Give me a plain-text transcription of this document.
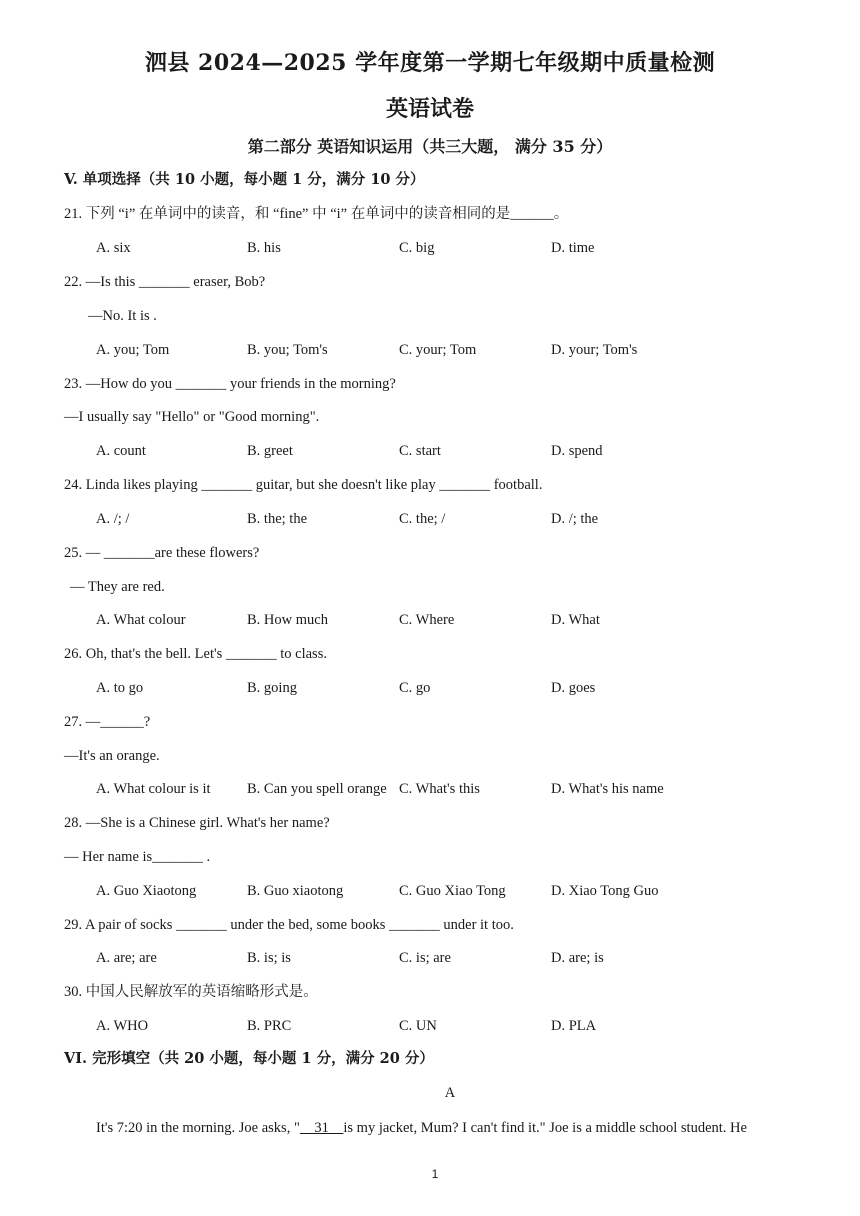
泗县 2024—2025 学年度第一学期七年级期中质量检测
英语试卷
第二部分 英语知识运用（共三大题， 满分 35 分）
V. 单项选择（共 10 小题，每小题 1 分，满分 10 分）
21. 下列 “i” 在单词中的读音，和 “fine” 中 “i” 在单词中的读音相同的是______。
A. six	B. his	C. big	D. time
22. —Is this _______ eraser, Bob?
—No. It is .
A. you; Tom	B. you; Tom's	C. your; Tom	D. your; Tom's
23. —How do you _______ your friends in the morning?
—I usually say "Hello" or "Good morning".
A. count	B. greet	C. start	D. spend
24. Linda likes playing _______ guitar, but she doesn't like play _______ football.
A. /; /	B. the; the	C. the; /	D. /; the
25. — _______are these flowers?
— They are red.
A. What colour	B. How much	C. Where	D. What
26. Oh, that's the bell. Let's _______ to class.
A. to go	B. going	C. go	D. goes
27. —______?
—It's an orange.
A. What colour is it	B. Can you spell orange C. What's this	D. What's his name
28. —She is a Chinese girl. What's her name?
— Her name is_______ .
A. Guo Xiaotong	B. Guo xiaotong	C. Guo Xiao Tong	D. Xiao Tong Guo
29. A pair of socks _______ under the bed, some books _______ under it too.
A. are; are	B. is; is	C. is; are	D. are; is
30. 中国人民解放军的英语缩略形式是。
A. WHO	B. PRC	C. UN	D. PLA
VI. 完形填空（共 20 小题，每小题 1 分，满分 20 分）
A
It's 7:20 in the morning. Joe asks, "    31    is my jacket, Mum? I can't find it." Joe is a middle school student. He
1
